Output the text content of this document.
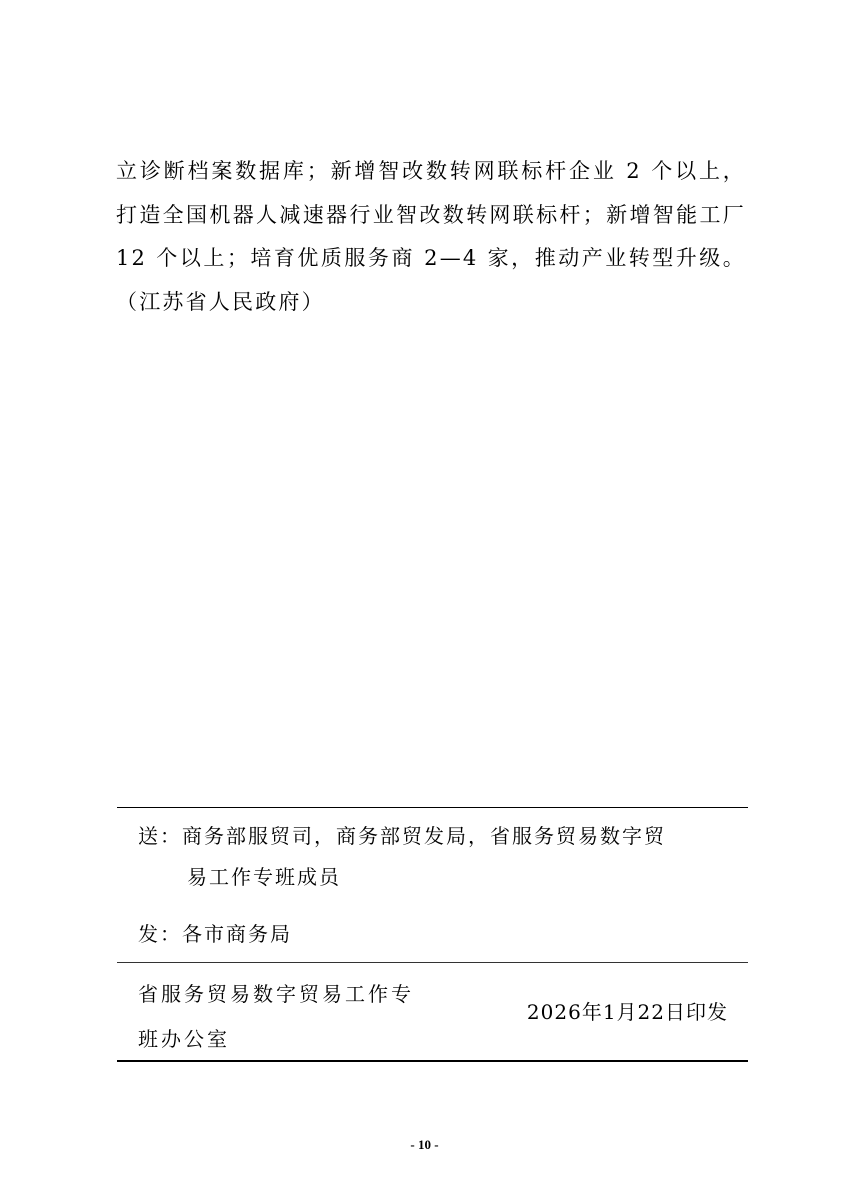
立诊断档案数据库；新增智改数转网联标杆企业 2 个以上，打造全国机器人减速器行业智改数转网联标杆；新增智能工厂 12 个以上；培育优质服务商 2—4 家，推动产业转型升级。（江苏省人民政府）

送：商务部服贸司，商务部贸发局，省服务贸易数字贸
易工作专班成员
发：各市商务局
省服务贸易数字贸易工作专
班办公室
2026年1月22日印发
- 10 -
